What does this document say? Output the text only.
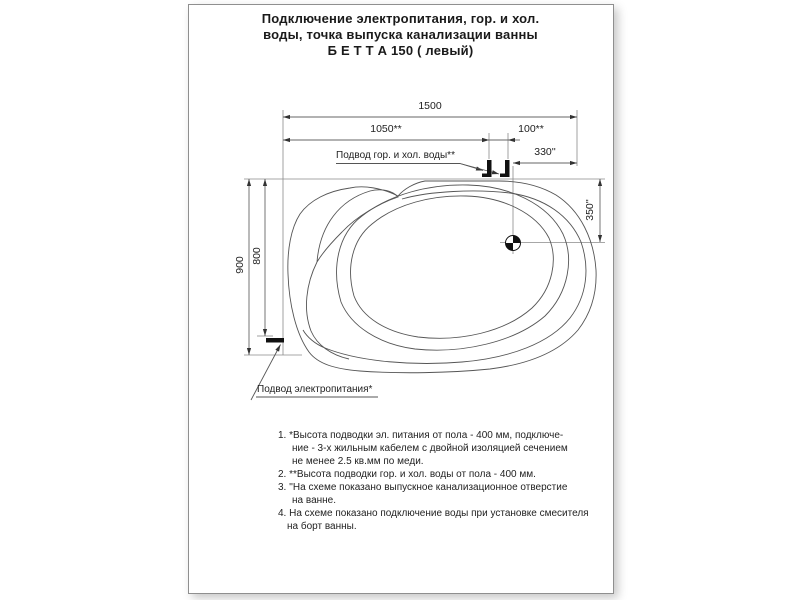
Подключение электропитания, гор. и хол.
воды, точка выпуска канализации ванны
Б Е Т Т А 150 ( левый)
1500
1050**	100**
330''
350''
900
800
Подвод гор. и хол. воды**
Подвод электропитания*
1. *Высота подводки эл. питания от пола - 400 мм, подключе-
ние - 3-х жильным кабелем с двойной изоляцией сечением
не менее 2.5 кв.мм по меди.
2. **Высота подводки гор. и хол. воды от пола - 400 мм.
3. ''На схеме показано выпускное канализационное отверстие
на ванне.
4. На схеме показано подключение воды при установке смесителя
на борт ванны.
